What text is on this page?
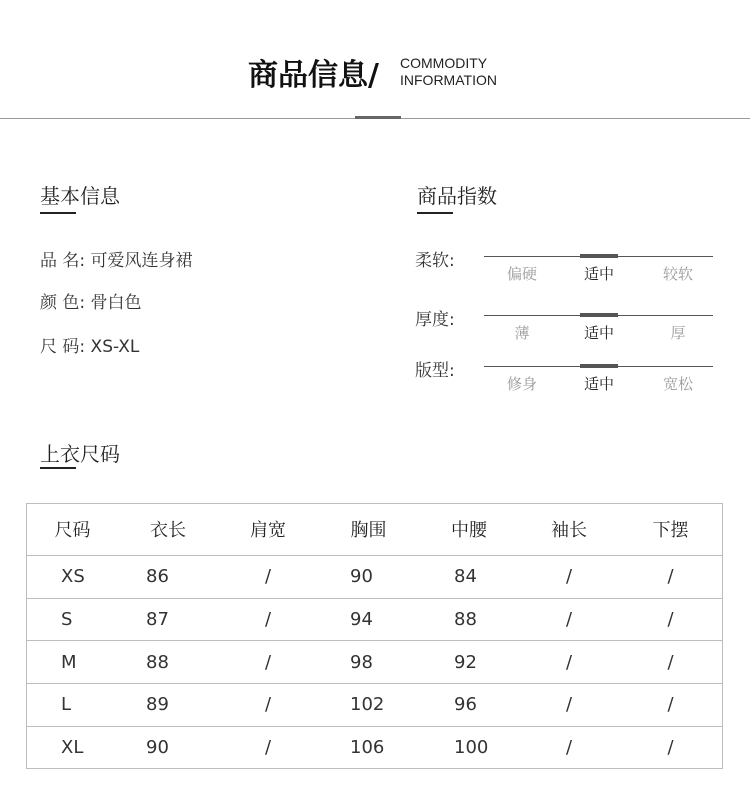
商品信息/ COMMODITY
INFORMATION
基本信息
品 名: 可爱风连身裙
颜 色: 骨白色
尺 码: XS-XL
商品指数
柔软:
偏硬	适中	较软
厚度:
薄	适中	厚
版型:
修身	适中	宽松
上衣尺码
尺码	衣长	肩宽	胸围	中腰	袖长	下摆
XS	86	/	90	84	/	/
S	87	/	94	88	/	/
M	88	/	98	92	/	/
L	89	/	102	96	/	/
XL	90	/	106	100	/	/
